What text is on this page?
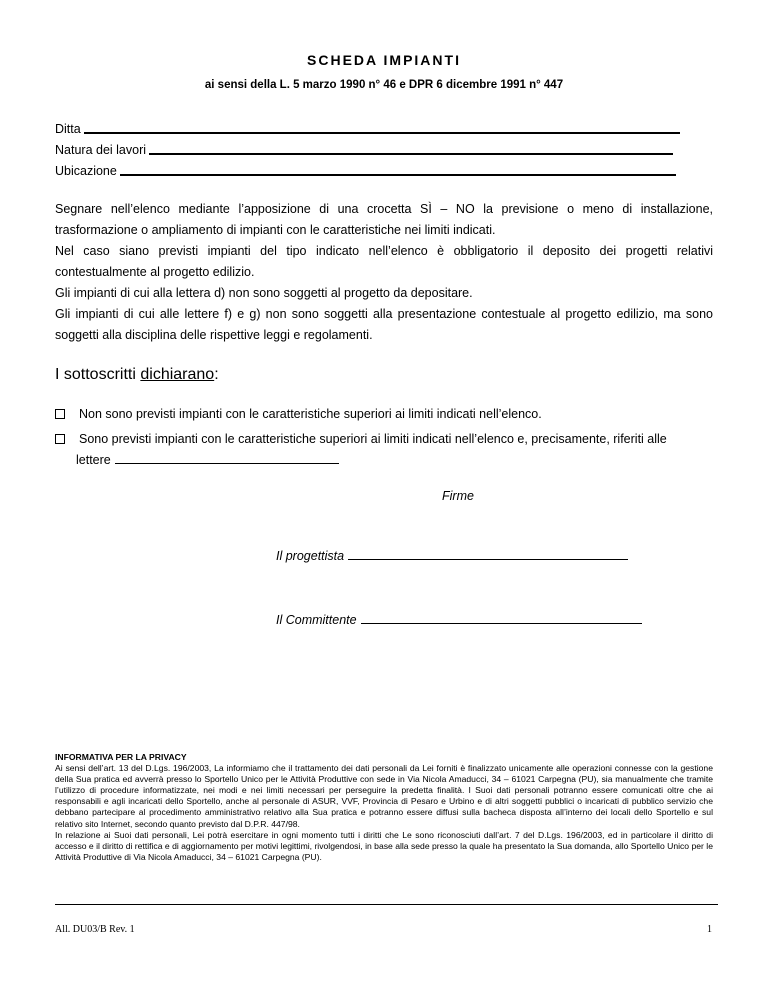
SCHEDA IMPIANTI
ai sensi della L. 5 marzo 1990 n° 46 e DPR 6 dicembre 1991 n° 447
Ditta
Natura dei lavori
Ubicazione
Segnare nell’elenco mediante l’apposizione di una crocetta SÌ – NO la previsione o meno di installazione, trasformazione o ampliamento di impianti con le caratteristiche nei limiti indicati.
Nel caso siano previsti impianti del tipo indicato nell’elenco è obbligatorio il deposito dei progetti relativi contestualmente al progetto edilizio.
Gli impianti di cui alla lettera d) non sono soggetti al progetto da depositare.
Gli impianti di cui alle lettere f) e g) non sono soggetti alla presentazione contestuale al progetto edilizio, ma sono soggetti alla disciplina delle rispettive leggi e regolamenti.
I sottoscritti dichiarano:
Non sono previsti impianti con le caratteristiche superiori ai limiti indicati nell’elenco.
Sono previsti impianti con le caratteristiche superiori ai limiti indicati nell’elenco e, precisamente, riferiti alle
lettere
Firme
Il progettista
Il Committente
INFORMATIVA PER LA PRIVACY

Ai sensi dell’art. 13 del D.Lgs. 196/2003, La informiamo che il trattamento dei dati personali da Lei forniti è finalizzato unicamente alle operazioni connesse con la gestione della Sua pratica ed avverrà presso lo Sportello Unico per le Attività Produttive con sede in Via Nicola Amaducci, 34 – 61021 Carpegna (PU), sia manualmente che tramite l’utilizzo di procedure informatizzate, nei modi e nei limiti necessari per perseguire la predetta finalità. I Suoi dati personali potranno essere comunicati oltre che ai responsabili e agli incaricati dello Sportello, anche al personale di ASUR, VVF, Provincia di Pesaro e Urbino e di altri soggetti pubblici o incaricati di pubblico servizio che debbano partecipare al procedimento amministrativo relativo alla Sua pratica e potranno essere diffusi sulla bacheca disposta all’interno dei locali dello Sportello e sul relativo sito Internet, secondo quanto previsto dal D.P.R. 447/98.

In relazione ai Suoi dati personali, Lei potrà esercitare in ogni momento tutti i diritti che Le sono riconosciuti dall’art. 7 del D.Lgs. 196/2003, ed in particolare il diritto di accesso e il diritto di rettifica e di aggiornamento per motivi legittimi, rivolgendosi, in base alla sede presso la quale ha presentato la Sua domanda, allo Sportello Unico per le Attività Produttive di Via Nicola Amaducci, 34 – 61021 Carpegna (PU).

All. DU03/B Rev. 1	1
